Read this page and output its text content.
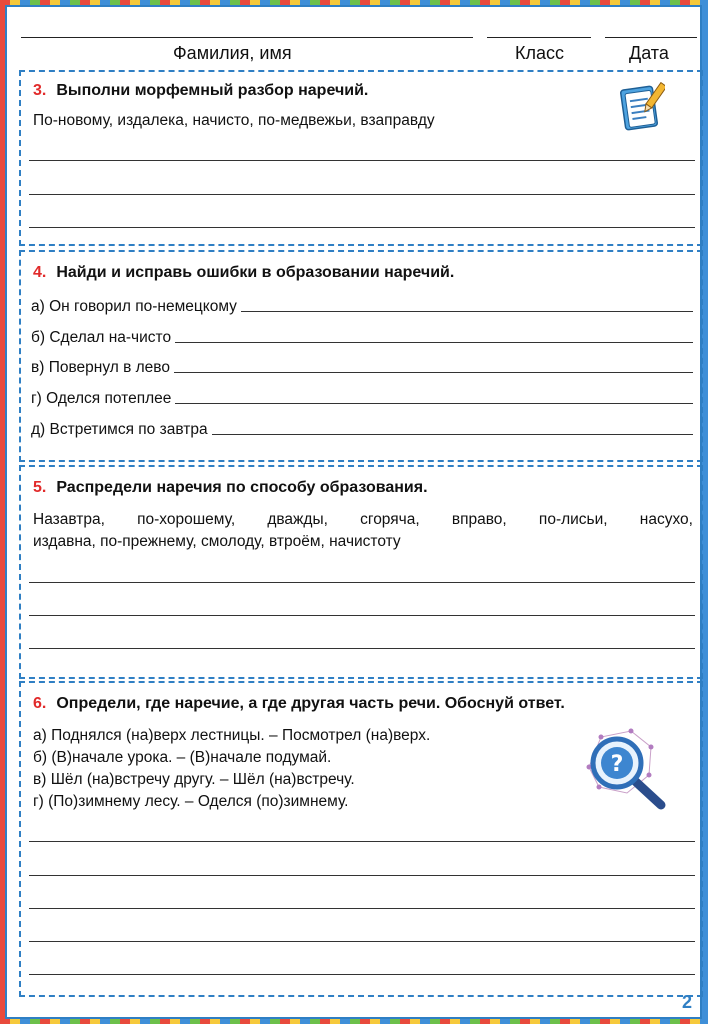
Фамилия, имя	Класс	Дата
3. Выполни морфемный разбор наречий.
По-новому, издалека, начисто, по-медвежьи, взаправду
4. Найди и исправь ошибки в образовании наречий.
а) Он говорил по-немецкому
б) Сделал на-чисто
в) Повернул в лево
г) Оделся потеплее
д) Встретимся по завтра
5. Распредели наречия по способу образования.
Назавтра, по-хорошему, дважды, сгоряча, вправо, по-лисьи, насухо,
издавна, по-прежнему, смолоду, втроём, начистоту
6. Определи, где наречие, а где другая часть речи. Обоснуй ответ.
а) Поднялся (на)верх лестницы. – Посмотрел (на)верх.
б) (В)начале урока. – (В)начале подумай.
в) Шёл (на)встречу другу. – Шёл (на)встречу.
г) (По)зимнему лесу. – Оделся (по)зимнему.
?
2
